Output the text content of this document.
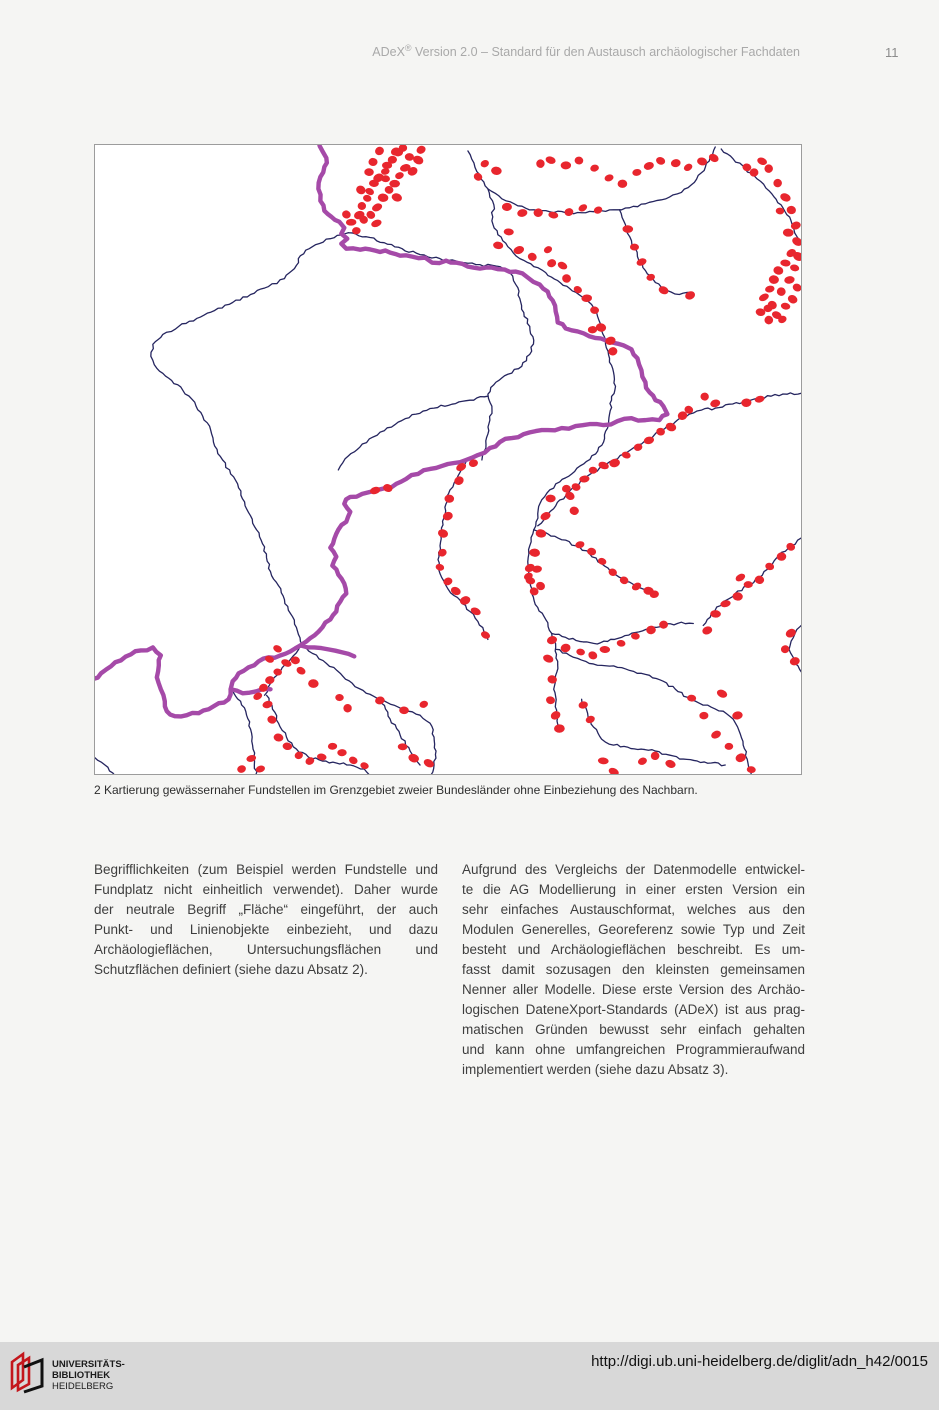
ADeX® Version 2.0 – Standard für den Austausch archäologischer Fachdaten	11
2 Kartierung gewässernaher Fundstellen im Grenzgebiet zweier Bundesländer ohne Einbeziehung des Nachbarn.
Begrifflichkeiten (zum Beispiel werden Fundstelle und
Fundplatz nicht einheitlich verwendet). Daher wurde
der neutrale Begriff „Fläche“ eingeführt, der auch
Punkt- und Linienobjekte einbezieht, und dazu
Archäologieflächen, Untersuchungsflächen und
Schutzflächen definiert (siehe dazu Absatz 2).
Aufgrund des Vergleichs der Datenmodelle entwickel-
te die AG Modellierung in einer ersten Version ein
sehr einfaches Austauschformat, welches aus den
Modulen Generelles, Georeferenz sowie Typ und Zeit
besteht und Archäologieflächen beschreibt. Es um-
fasst damit sozusagen den kleinsten gemeinsamen
Nenner aller Modelle. Diese erste Version des Archäo-
logischen DateneXport-Standards (ADeX) ist aus prag-
matischen Gründen bewusst sehr einfach gehalten
und kann ohne umfangreichen Programmieraufwand
implementiert werden (siehe dazu Absatz 3).
UNIVERSITÄTS-
BIBLIOTHEK
HEIDELBERG
http://digi.ub.uni-heidelberg.de/diglit/adn_h42/0015
